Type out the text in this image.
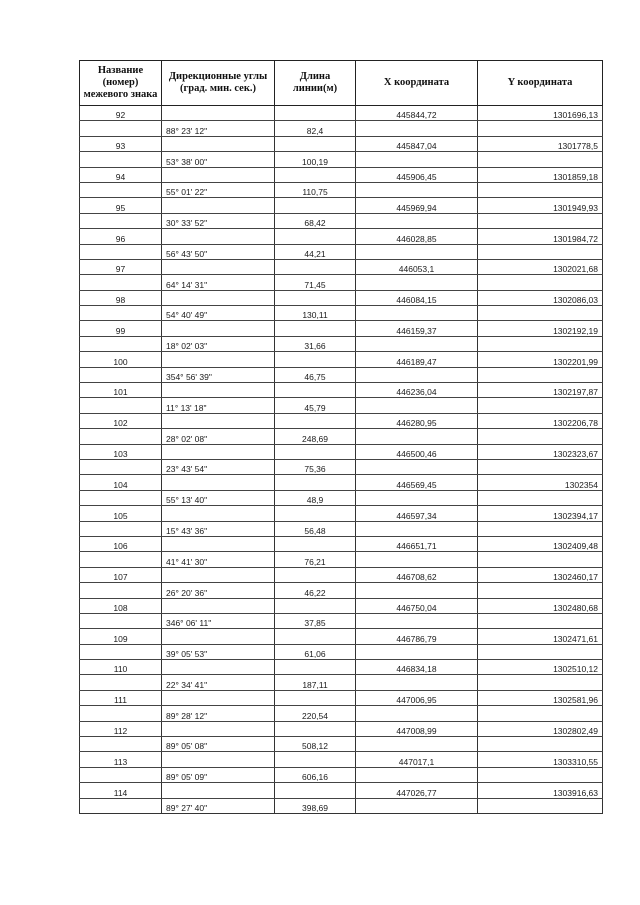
Название (номер) межевого знака	Дирекционные углы (град. мин. сек.)	Длина линии(м)	X координата	Y координата
92			445844,72	1301696,13
	88° 23' 12"	82,4		
93			445847,04	1301778,5
	53° 38' 00"	100,19		
94			445906,45	1301859,18
	55° 01' 22"	110,75		
95			445969,94	1301949,93
	30° 33' 52"	68,42		
96			446028,85	1301984,72
	56° 43' 50"	44,21		
97			446053,1	1302021,68
	64° 14' 31"	71,45		
98			446084,15	1302086,03
	54° 40' 49"	130,11		
99			446159,37	1302192,19
	18° 02' 03"	31,66		
100			446189,47	1302201,99
	354° 56' 39"	46,75		
101			446236,04	1302197,87
	11° 13' 18"	45,79		
102			446280,95	1302206,78
	28° 02' 08"	248,69		
103			446500,46	1302323,67
	23° 43' 54"	75,36		
104			446569,45	1302354
	55° 13' 40"	48,9		
105			446597,34	1302394,17
	15° 43' 36"	56,48		
106			446651,71	1302409,48
	41° 41' 30"	76,21		
107			446708,62	1302460,17
	26° 20' 36"	46,22		
108			446750,04	1302480,68
	346° 06' 11"	37,85		
109			446786,79	1302471,61
	39° 05' 53"	61,06		
110			446834,18	1302510,12
	22° 34' 41"	187,11		
111			447006,95	1302581,96
	89° 28' 12"	220,54		
112			447008,99	1302802,49
	89° 05' 08"	508,12		
113			447017,1	1303310,55
	89° 05' 09"	606,16		
114			447026,77	1303916,63
	89° 27' 40"	398,69		
